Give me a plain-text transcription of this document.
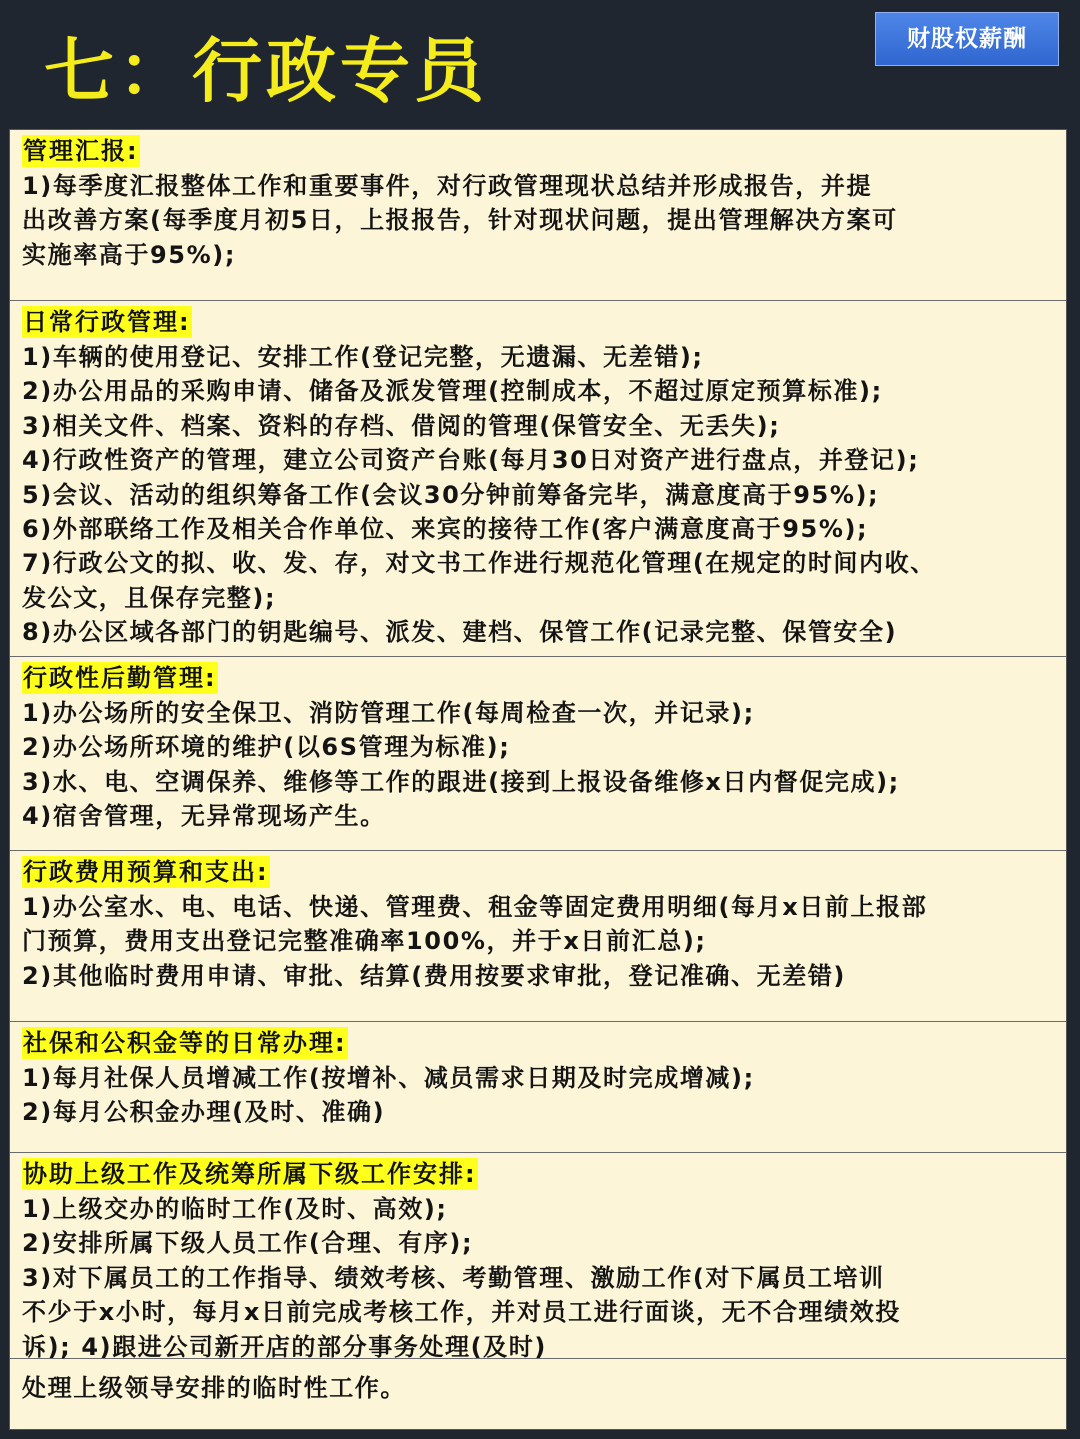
七：行政专员	财股权薪酬
管理汇报:
1)每季度汇报整体工作和重要事件，对行政管理现状总结并形成报告，并提
出改善方案(每季度月初5日，上报报告，针对现状问题，提出管理解决方案可
实施率高于95%);
日常行政管理:
1)车辆的使用登记、安排工作(登记完整，无遗漏、无差错);
2)办公用品的采购申请、储备及派发管理(控制成本，不超过原定预算标准);
3)相关文件、档案、资料的存档、借阅的管理(保管安全、无丢失);
4)行政性资产的管理，建立公司资产台账(每月30日对资产进行盘点，并登记);
5)会议、活动的组织筹备工作(会议30分钟前筹备完毕，满意度高于95%);
6)外部联络工作及相关合作单位、来宾的接待工作(客户满意度高于95%);
7)行政公文的拟、收、发、存，对文书工作进行规范化管理(在规定的时间内收、
发公文，且保存完整);
8)办公区域各部门的钥匙编号、派发、建档、保管工作(记录完整、保管安全)
行政性后勤管理:
1)办公场所的安全保卫、消防管理工作(每周检查一次，并记录);
2)办公场所环境的维护(以6S管理为标准);
3)水、电、空调保养、维修等工作的跟进(接到上报设备维修x日内督促完成);
4)宿舍管理，无异常现场产生。
行政费用预算和支出:
1)办公室水、电、电话、快递、管理费、租金等固定费用明细(每月x日前上报部
门预算，费用支出登记完整准确率100%，并于x日前汇总);
2)其他临时费用申请、审批、结算(费用按要求审批，登记准确、无差错)
社保和公积金等的日常办理:
1)每月社保人员增减工作(按增补、减员需求日期及时完成增减);
2)每月公积金办理(及时、准确)
协助上级工作及统筹所属下级工作安排:
1)上级交办的临时工作(及时、高效);
2)安排所属下级人员工作(合理、有序);
3)对下属员工的工作指导、绩效考核、考勤管理、激励工作(对下属员工培训
不少于x小时，每月x日前完成考核工作，并对员工进行面谈，无不合理绩效投
诉); 4)跟进公司新开店的部分事务处理(及时)
处理上级领导安排的临时性工作。
